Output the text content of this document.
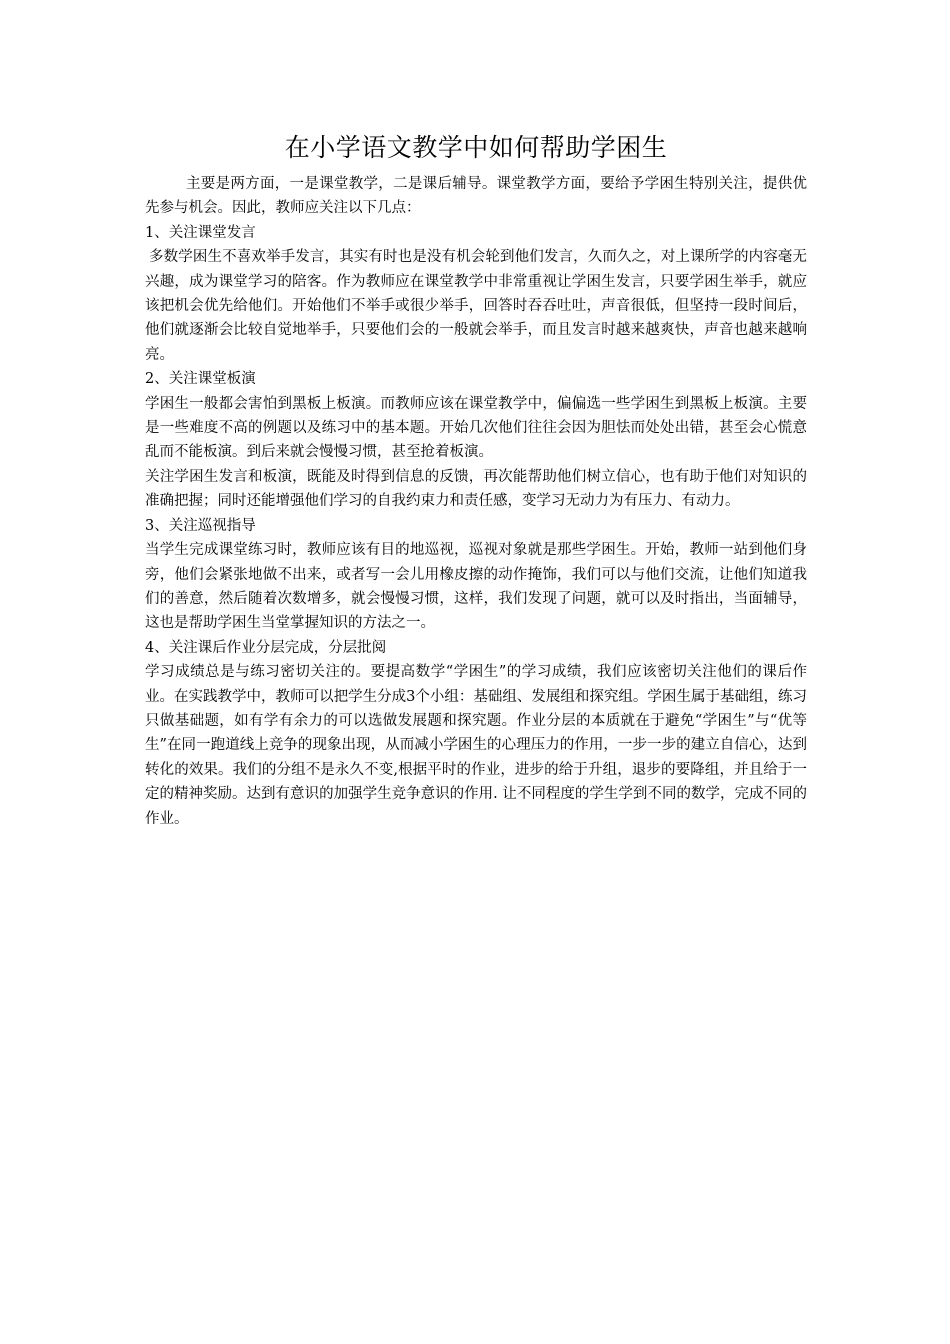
在小学语文教学中如何帮助学困生

主要是两方面，一是课堂教学，二是课后辅导。课堂教学方面，要给予学困生特别关注，提供优先参与机会。因此，教师应关注以下几点：

1、关注课堂发言

多数学困生不喜欢举手发言，其实有时也是没有机会轮到他们发言，久而久之，对上课所学的内容毫无兴趣，成为课堂学习的陪客。作为教师应在课堂教学中非常重视让学困生发言，只要学困生举手，就应该把机会优先给他们。开始他们不举手或很少举手，回答时吞吞吐吐，声音很低，但坚持一段时间后，他们就逐渐会比较自觉地举手，只要他们会的一般就会举手，而且发言时越来越爽快，声音也越来越响亮。

2、关注课堂板演

学困生一般都会害怕到黑板上板演。而教师应该在课堂教学中，偏偏选一些学困生到黑板上板演。主要是一些难度不高的例题以及练习中的基本题。开始几次他们往往会因为胆怯而处处出错，甚至会心慌意乱而不能板演。到后来就会慢慢习惯，甚至抢着板演。

关注学困生发言和板演，既能及时得到信息的反馈，再次能帮助他们树立信心，也有助于他们对知识的准确把握；同时还能增强他们学习的自我约束力和责任感，变学习无动力为有压力、有动力。

3、关注巡视指导

当学生完成课堂练习时，教师应该有目的地巡视，巡视对象就是那些学困生。开始，教师一站到他们身旁，他们会紧张地做不出来，或者写一会儿用橡皮擦的动作掩饰，我们可以与他们交流，让他们知道我们的善意，然后随着次数增多，就会慢慢习惯，这样，我们发现了问题，就可以及时指出，当面辅导，这也是帮助学困生当堂掌握知识的方法之一。

4、关注课后作业分层完成，分层批阅

学习成绩总是与练习密切关注的。要提高数学“学困生”的学习成绩，我们应该密切关注他们的课后作业。在实践教学中，教师可以把学生分成3个小组：基础组、发展组和探究组。学困生属于基础组，练习只做基础题，如有学有余力的可以选做发展题和探究题。作业分层的本质就在于避免“学困生”与“优等生”在同一跑道线上竞争的现象出现，从而减小学困生的心理压力的作用，一步一步的建立自信心，达到转化的效果。我们的分组不是永久不变,根据平时的作业，进步的给于升组，退步的要降组，并且给于一定的精神奖励。达到有意识的加强学生竞争意识的作用. 让不同程度的学生学到不同的数学，完成不同的作业。
